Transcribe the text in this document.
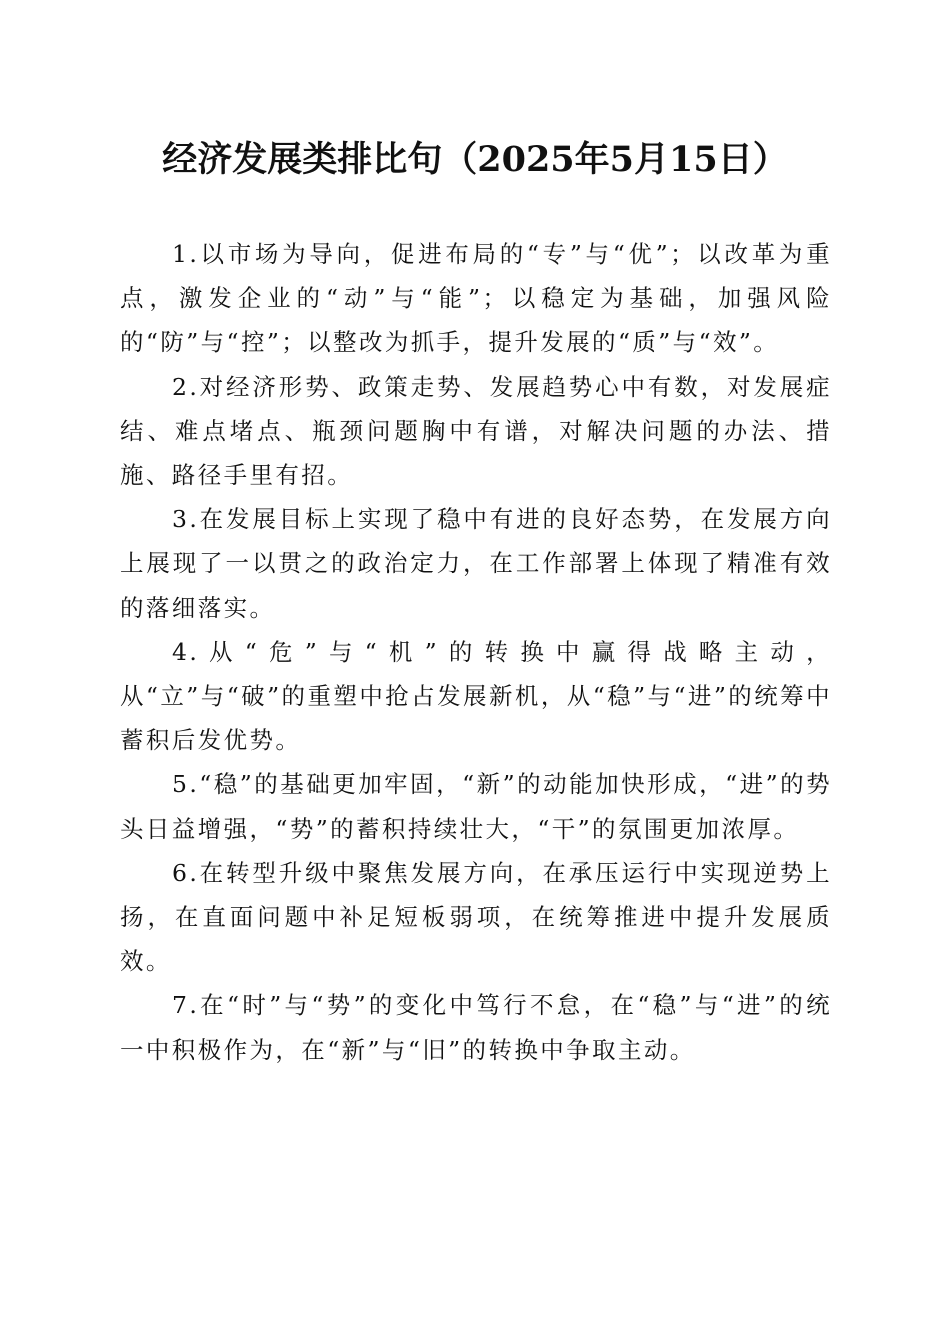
经济发展类排比句（2025年5月15日）

1.以市场为导向，促进布局的“专”与“优”；以改革为重点，激发企业的“动”与“能”；以稳定为基础，加强风险的“防”与“控”；以整改为抓手，提升发展的“质”与“效”。

2.对经济形势、政策走势、发展趋势心中有数，对发展症结、难点堵点、瓶颈问题胸中有谱，对解决问题的办法、措施、路径手里有招。

3.在发展目标上实现了稳中有进的良好态势，在发展方向上展现了一以贯之的政治定力，在工作部署上体现了精准有效的落细落实。

4.从“危”与“机”的转换中赢得战略主动，从“立”与“破”的重塑中抢占发展新机，从“稳”与“进”的统筹中蓄积后发优势。

5.“稳”的基础更加牢固，“新”的动能加快形成，“进”的势头日益增强，“势”的蓄积持续壮大，“干”的氛围更加浓厚。

6.在转型升级中聚焦发展方向，在承压运行中实现逆势上扬，在直面问题中补足短板弱项，在统筹推进中提升发展质效。

7.在“时”与“势”的变化中笃行不怠，在“稳”与“进”的统一中积极作为，在“新”与“旧”的转换中争取主动。
